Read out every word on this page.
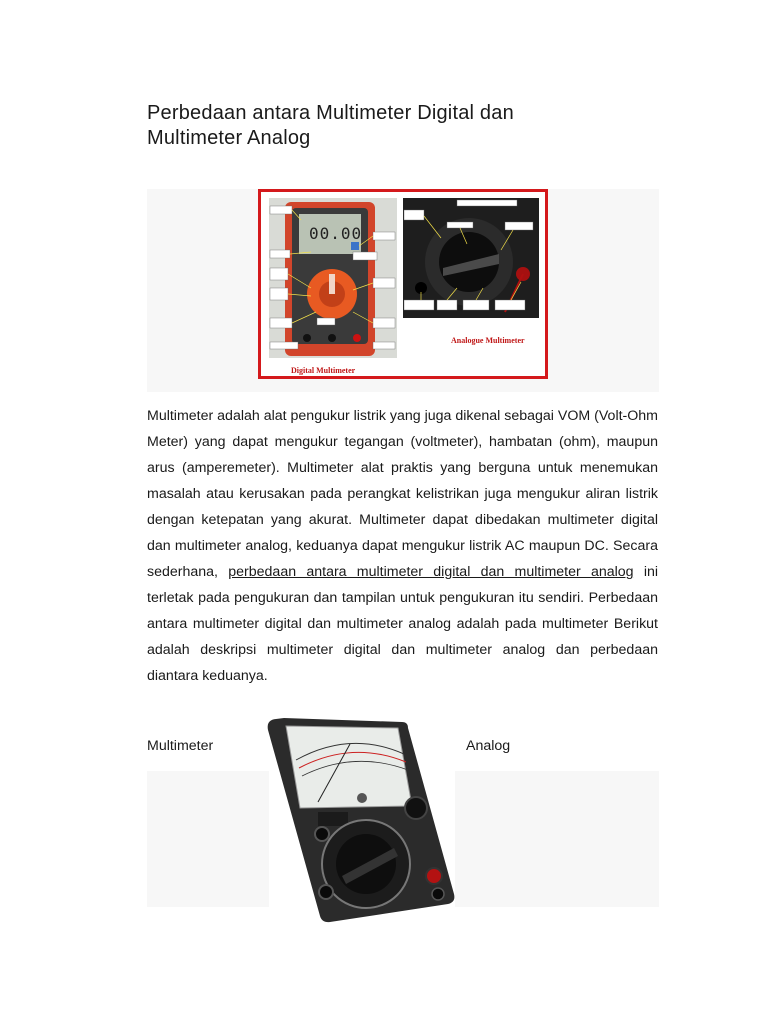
Perbedaan antara Multimeter Digital dan Multimeter Analog
Digital Multimeter
Analogue Multimeter
00.00

Multimeter adalah alat pengukur listrik yang juga dikenal sebagai VOM (Volt-Ohm Meter) yang dapat mengukur tegangan (voltmeter), hambatan (ohm), maupun arus (amperemeter). Multimeter alat praktis yang berguna untuk menemukan masalah atau kerusakan pada perangkat kelistrikan juga mengukur aliran listrik dengan ketepatan yang akurat. Multimeter dapat dibedakan multimeter digital dan multimeter analog, keduanya dapat mengukur listrik AC maupun DC. Secara sederhana, perbedaan antara multimeter digital dan multimeter analog ini terletak pada pengukuran dan tampilan untuk pengukuran itu sendiri. Perbedaan antara multimeter digital dan multimeter analog adalah pada multimeter Berikut adalah deskripsi multimeter digital dan multimeter analog dan perbedaan diantara keduanya.

Multimeter	Analog
